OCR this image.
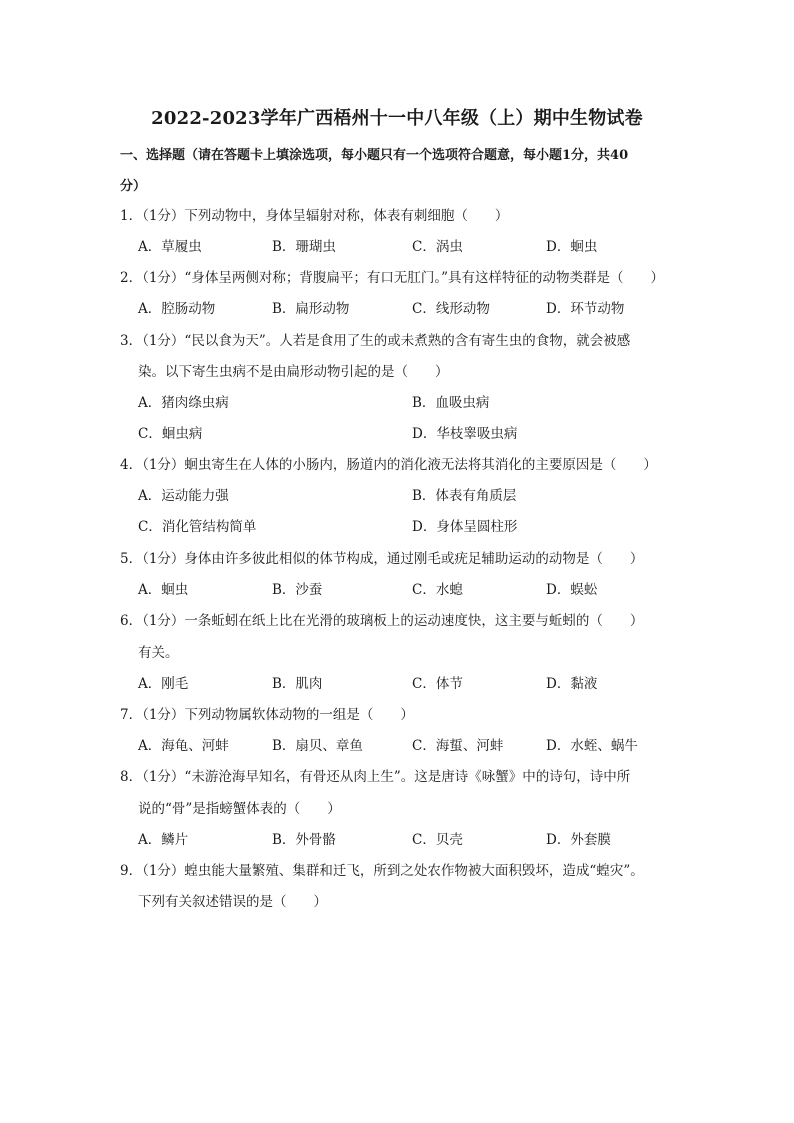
2022-2023学年广西梧州十一中八年级（上）期中生物试卷
一、选择题（请在答题卡上填涂选项，每小题只有一个选项符合题意，每小题1分，共40
分）
1．（1分）下列动物中，身体呈辐射对称，体表有刺细胞（　　）
A．草履虫	B．珊瑚虫	C．涡虫	D．蛔虫
2．（1分）“身体呈两侧对称；背腹扁平；有口无肛门。”具有这样特征的动物类群是（　　）
A．腔肠动物	B．扁形动物	C．线形动物	D．环节动物
3．（1分）“民以食为天”。人若是食用了生的或未煮熟的含有寄生虫的食物，就会被感
染。以下寄生虫病不是由扁形动物引起的是（　　）
A．猪肉绦虫病	B．血吸虫病
C．蛔虫病	D．华枝睾吸虫病
4．（1分）蛔虫寄生在人体的小肠内，肠道内的消化液无法将其消化的主要原因是（　　）
A．运动能力强	B．体表有角质层
C．消化管结构简单	D．身体呈圆柱形
5．（1分）身体由许多彼此相似的体节构成，通过刚毛或疣足辅助运动的动物是（　　）
A．蛔虫	B．沙蚕	C．水螅	D．蜈蚣
6．（1分）一条蚯蚓在纸上比在光滑的玻璃板上的运动速度快，这主要与蚯蚓的（　　）
有关。
A．刚毛	B．肌肉	C．体节	D．黏液
7．（1分）下列动物属软体动物的一组是（　　）
A．海龟、河蚌	B．扇贝、章鱼	C．海蜇、河蚌	D．水蛭、蜗牛
8．（1分）“未游沧海早知名，有骨还从肉上生”。这是唐诗《咏蟹》中的诗句，诗中所
说的“骨”是指螃蟹体表的（　　）
A．鳞片	B．外骨骼	C．贝壳	D．外套膜
9．（1分）蝗虫能大量繁殖、集群和迁飞，所到之处农作物被大面积毁坏，造成“蝗灾”。
下列有关叙述错误的是（　　）
